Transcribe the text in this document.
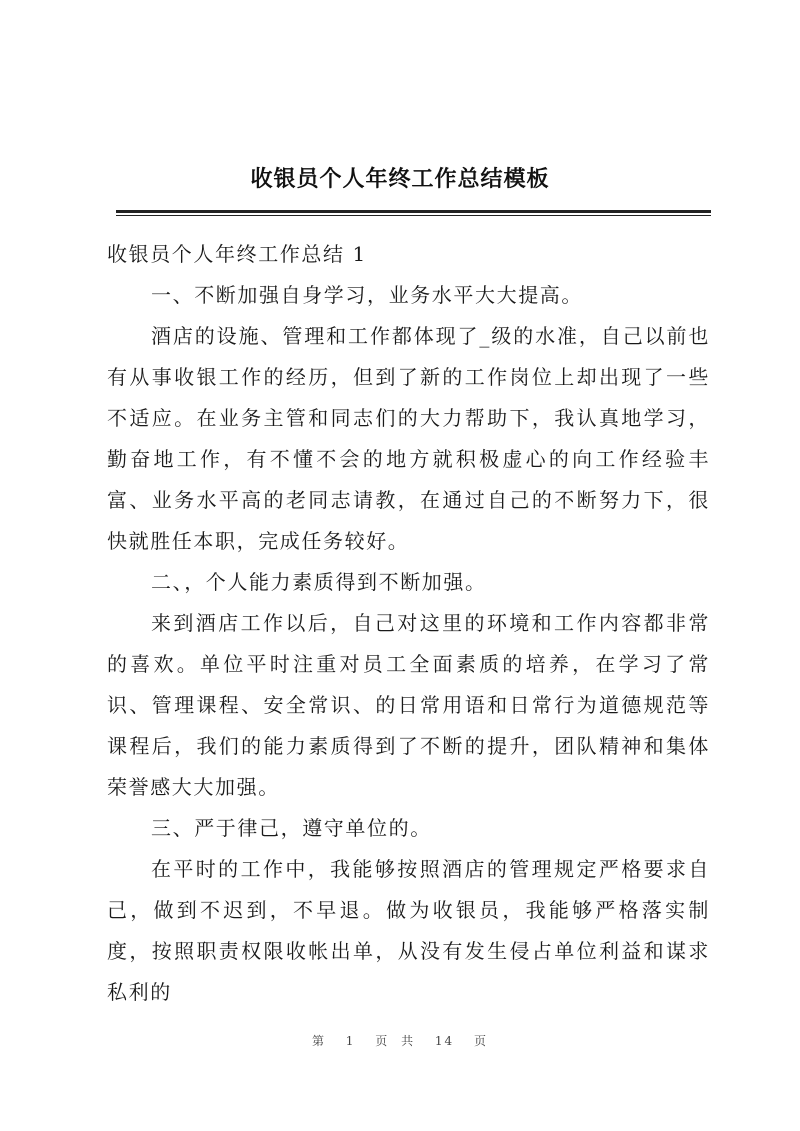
收银员个人年终工作总结模板

收银员个人年终工作总结 1

一、不断加强自身学习，业务水平大大提高。

酒店的设施、管理和工作都体现了_级的水准，自己以前也有从事收银工作的经历，但到了新的工作岗位上却出现了一些不适应。在业务主管和同志们的大力帮助下，我认真地学习，勤奋地工作，有不懂不会的地方就积极虚心的向工作经验丰富、业务水平高的老同志请教，在通过自己的不断努力下，很快就胜任本职，完成任务较好。

二、，个人能力素质得到不断加强。

来到酒店工作以后，自己对这里的环境和工作内容都非常的喜欢。单位平时注重对员工全面素质的培养，在学习了常识、管理课程、安全常识、的日常用语和日常行为道德规范等课程后，我们的能力素质得到了不断的提升，团队精神和集体荣誉感大大加强。

三、严于律己，遵守单位的。

在平时的工作中，我能够按照酒店的管理规定严格要求自己，做到不迟到，不早退。做为收银员，我能够严格落实制度，按照职责权限收帐出单，从没有发生侵占单位利益和谋求私利的

第 1 页 共 14 页
